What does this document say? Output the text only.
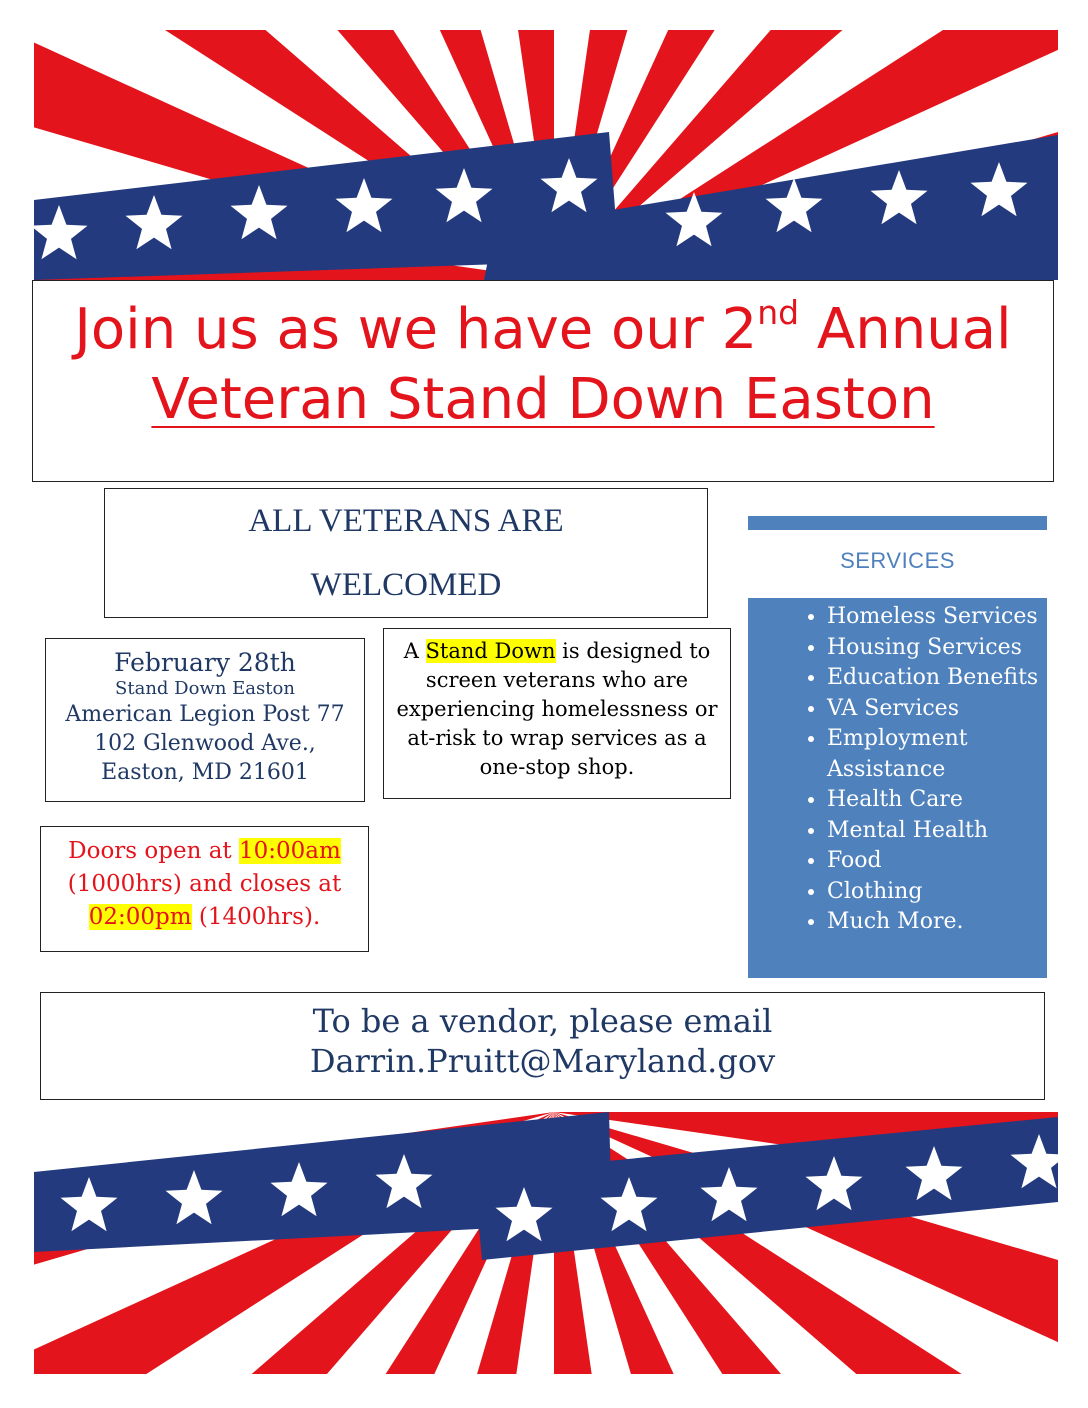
Join us as we have our 2nd Annual
Veteran Stand Down Easton
ALL VETERANS ARE
WELCOMED
February 28th
Stand Down Easton
American Legion Post 77
102 Glenwood Ave.,
Easton, MD 21601
A Stand Down is designed to screen veterans who are experiencing homelessness or at-risk to wrap services as a one-stop shop.
Doors open at 10:00am (1000hrs) and closes at 02:00pm (1400hrs).
SERVICES
• Homeless Services
• Housing Services
• Education Benefits
• VA Services
• Employment Assistance
• Health Care
• Mental Health
• Food
• Clothing
• Much More.
To be a vendor, please email
Darrin.Pruitt@Maryland.gov
